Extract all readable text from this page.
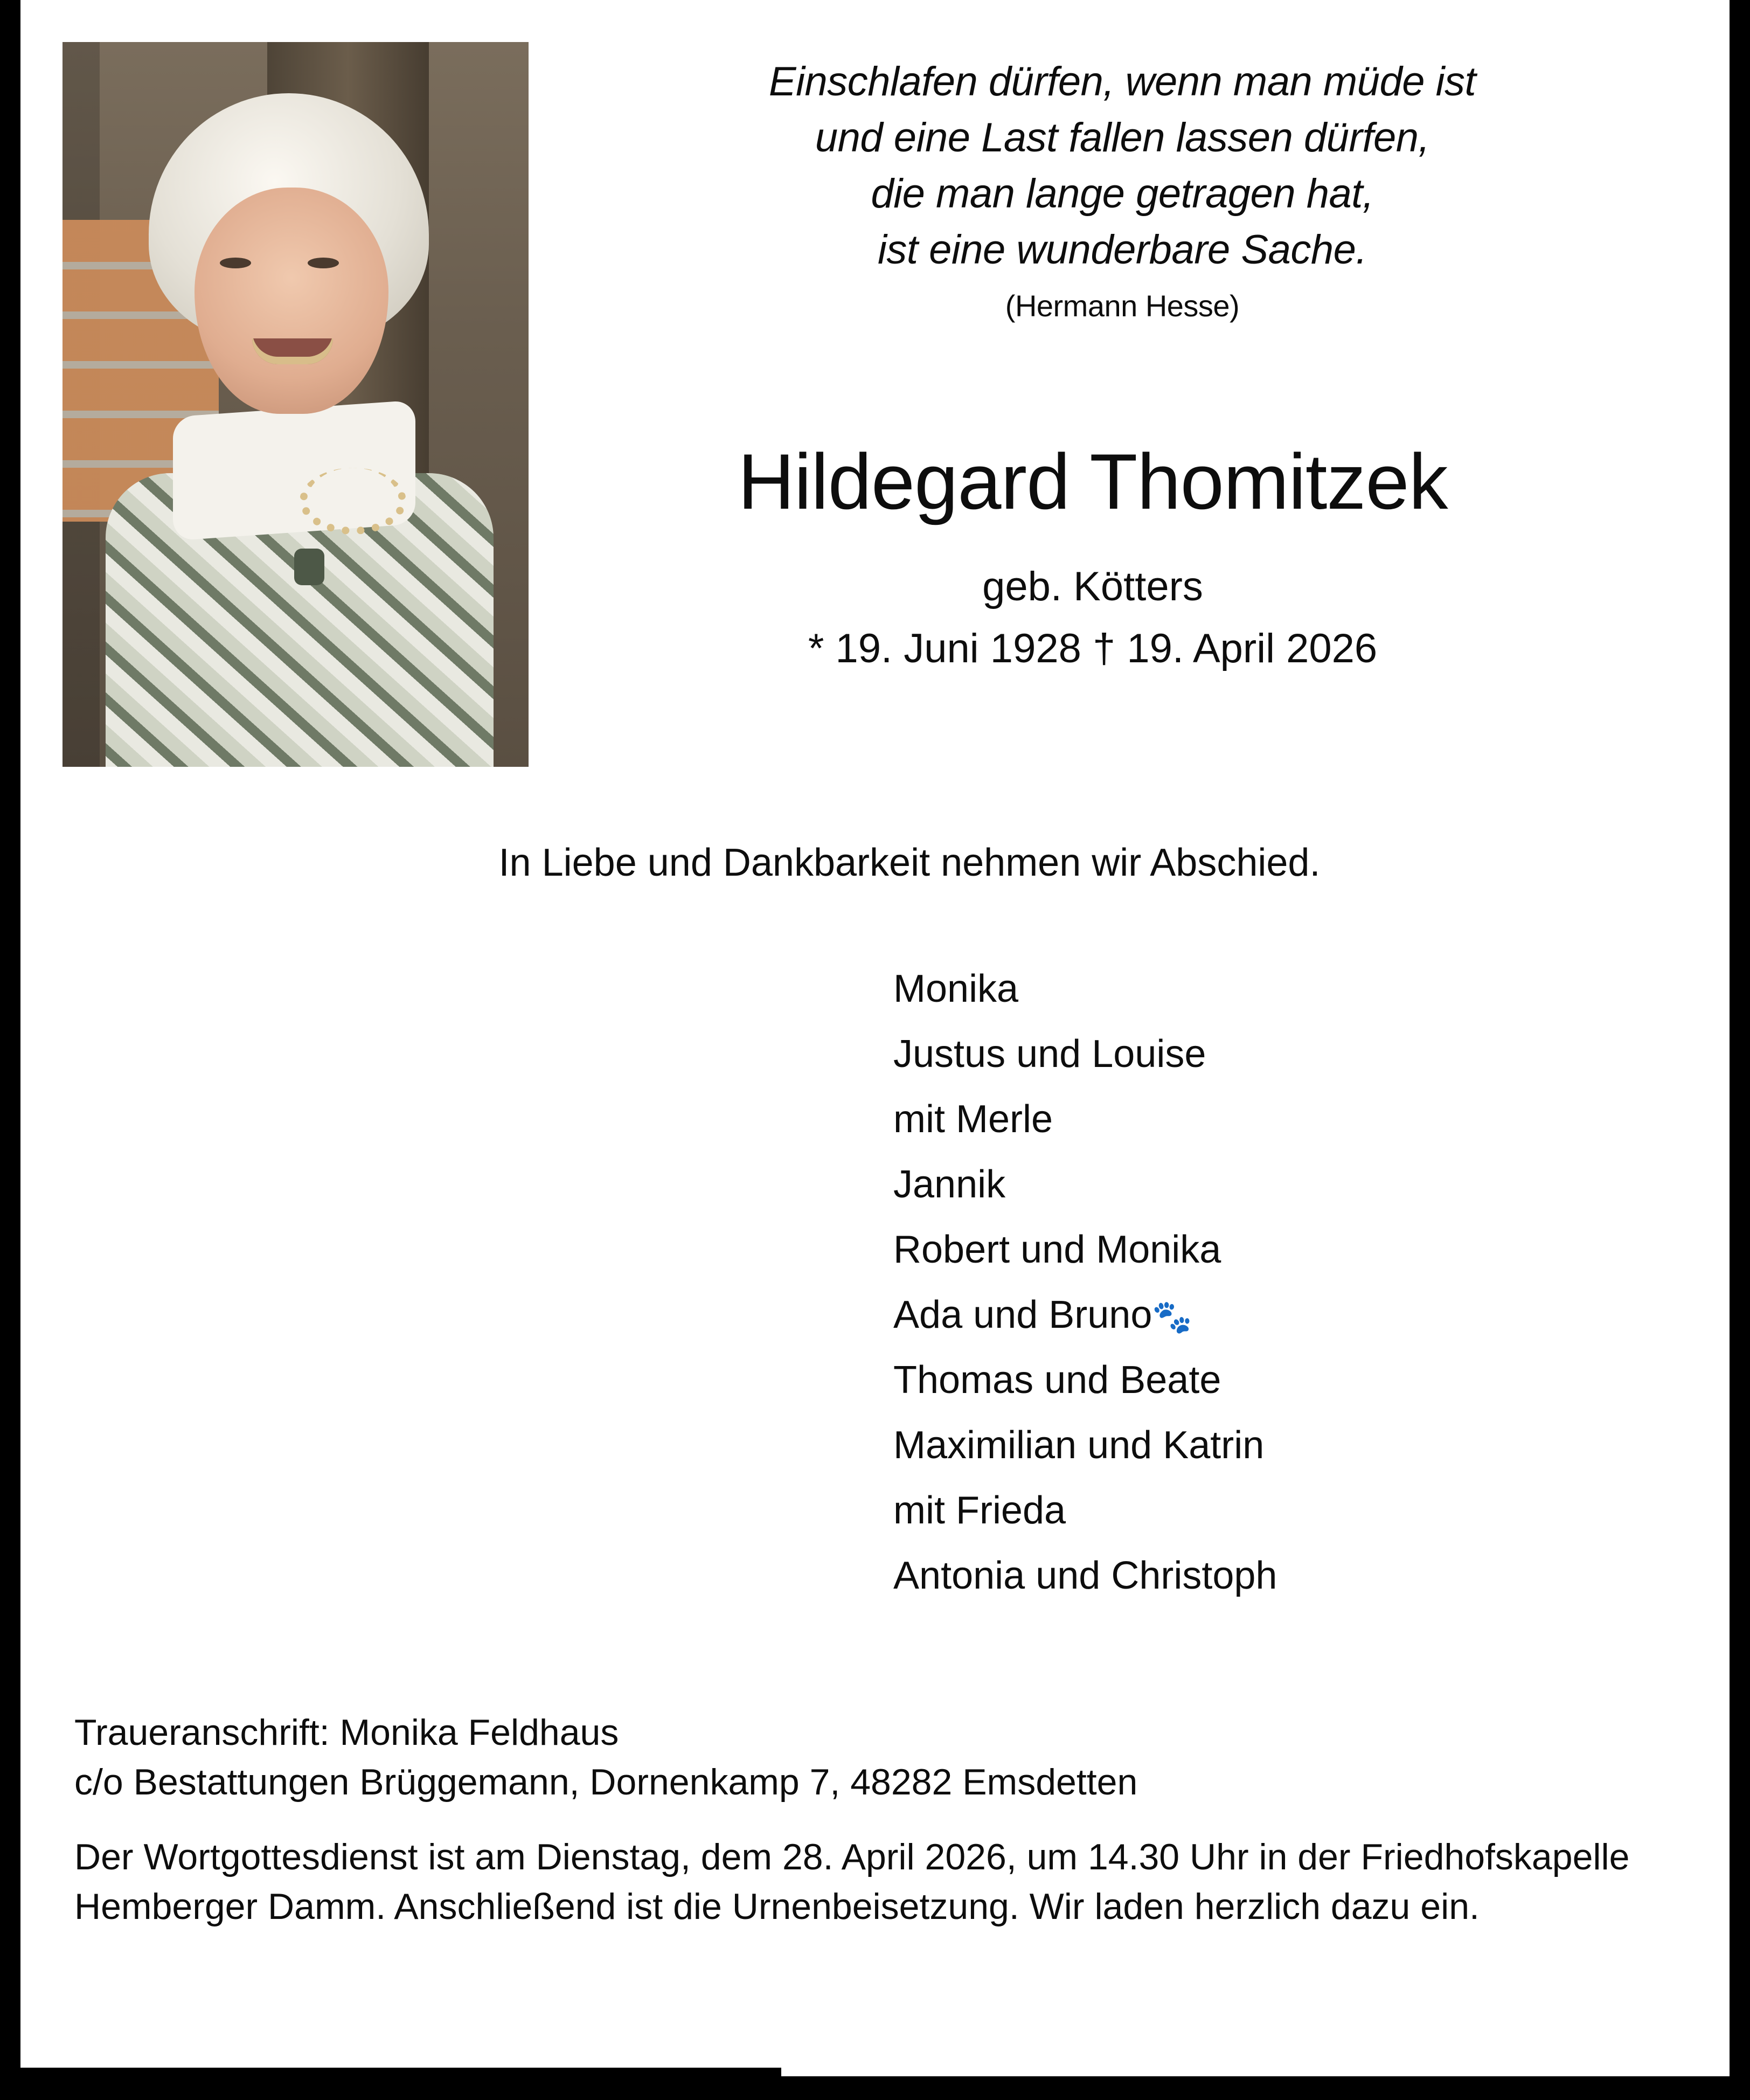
Einschlafen dürfen, wenn man müde ist
und eine Last fallen lassen dürfen,
die man lange getragen hat,
ist eine wunderbare Sache.
(Hermann Hesse)
Hildegard Thomitzek
geb. Kötters
* 19. Juni 1928 † 19. April 2026
In Liebe und Dankbarkeit nehmen wir Abschied.
Monika
Justus und Louise
mit Merle
Jannik
Robert und Monika
Ada und Bruno🐾
Thomas und Beate
Maximilian und Katrin
mit Frieda
Antonia und Christoph
Traueranschrift: Monika Feldhaus
c/o Bestattungen Brüggemann, Dornenkamp 7, 48282 Emsdetten
Der Wortgottesdienst ist am Dienstag, dem 28. April 2026, um 14.30 Uhr in der Friedhofskapelle Hemberger Damm. Anschließend ist die Urnenbeisetzung. Wir laden herzlich dazu ein.
